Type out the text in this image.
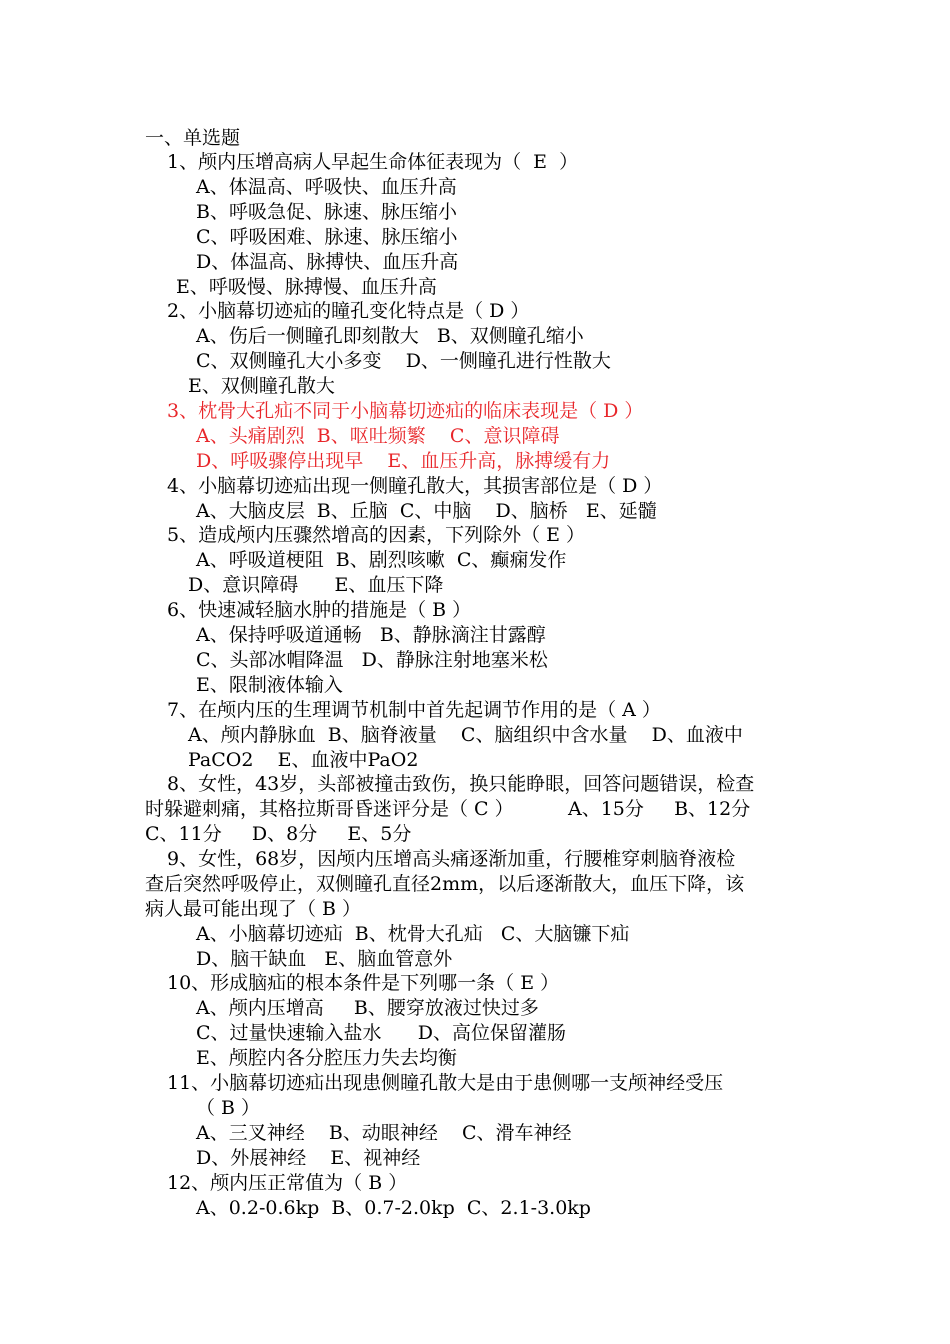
一、单选题
1、颅内压增高病人早起生命体征表现为（  E  ）
A、体温高、呼吸快、血压升高
B、呼吸急促、脉速、脉压缩小
C、呼吸困难、脉速、脉压缩小
D、体温高、脉搏快、血压升高
E、呼吸慢、脉搏慢、血压升高
2、小脑幕切迹疝的瞳孔变化特点是（ D ）
A、伤后一侧瞳孔即刻散大   B、双侧瞳孔缩小
C、双侧瞳孔大小多变    D、一侧瞳孔进行性散大
E、双侧瞳孔散大
3、枕骨大孔疝不同于小脑幕切迹疝的临床表现是（ D ）
A、头痛剧烈  B、呕吐频繁    C、意识障碍
D、呼吸骤停出现早    E、血压升高，脉搏缓有力
4、小脑幕切迹疝出现一侧瞳孔散大，其损害部位是（ D ）
A、大脑皮层  B、丘脑  C、中脑    D、脑桥   E、延髓
5、造成颅内压骤然增高的因素，下列除外（ E ）
A、呼吸道梗阻  B、剧烈咳嗽  C、癫痫发作
D、意识障碍      E、血压下降
6、快速减轻脑水肿的措施是（ B ）
A、保持呼吸道通畅   B、静脉滴注甘露醇
C、头部冰帽降温   D、静脉注射地塞米松
E、限制液体输入
7、在颅内压的生理调节机制中首先起调节作用的是（ A ）
A、颅内静脉血  B、脑脊液量    C、脑组织中含水量    D、血液中
PaCO2    E、血液中PaO2
8、女性，43岁，头部被撞击致伤，换只能睁眼，回答问题错误，检查
时躲避刺痛，其格拉斯哥昏迷评分是（ C ）         A、15分     B、12分
C、11分     D、8分     E、5分
9、女性，68岁，因颅内压增高头痛逐渐加重，行腰椎穿刺脑脊液检
查后突然呼吸停止，双侧瞳孔直径2mm，以后逐渐散大，血压下降，该
病人最可能出现了（ B ）
A、小脑幕切迹疝  B、枕骨大孔疝   C、大脑镰下疝
D、脑干缺血   E、脑血管意外
10、形成脑疝的根本条件是下列哪一条（ E ）
A、颅内压增高     B、腰穿放液过快过多
C、过量快速输入盐水      D、高位保留灌肠
E、颅腔内各分腔压力失去均衡
11、小脑幕切迹疝出现患侧瞳孔散大是由于患侧哪一支颅神经受压
（ B ）
A、三叉神经    B、动眼神经    C、滑车神经
D、外展神经    E、视神经
12、颅内压正常值为（ B ）
A、0.2-0.6kp  B、0.7-2.0kp  C、2.1-3.0kp
